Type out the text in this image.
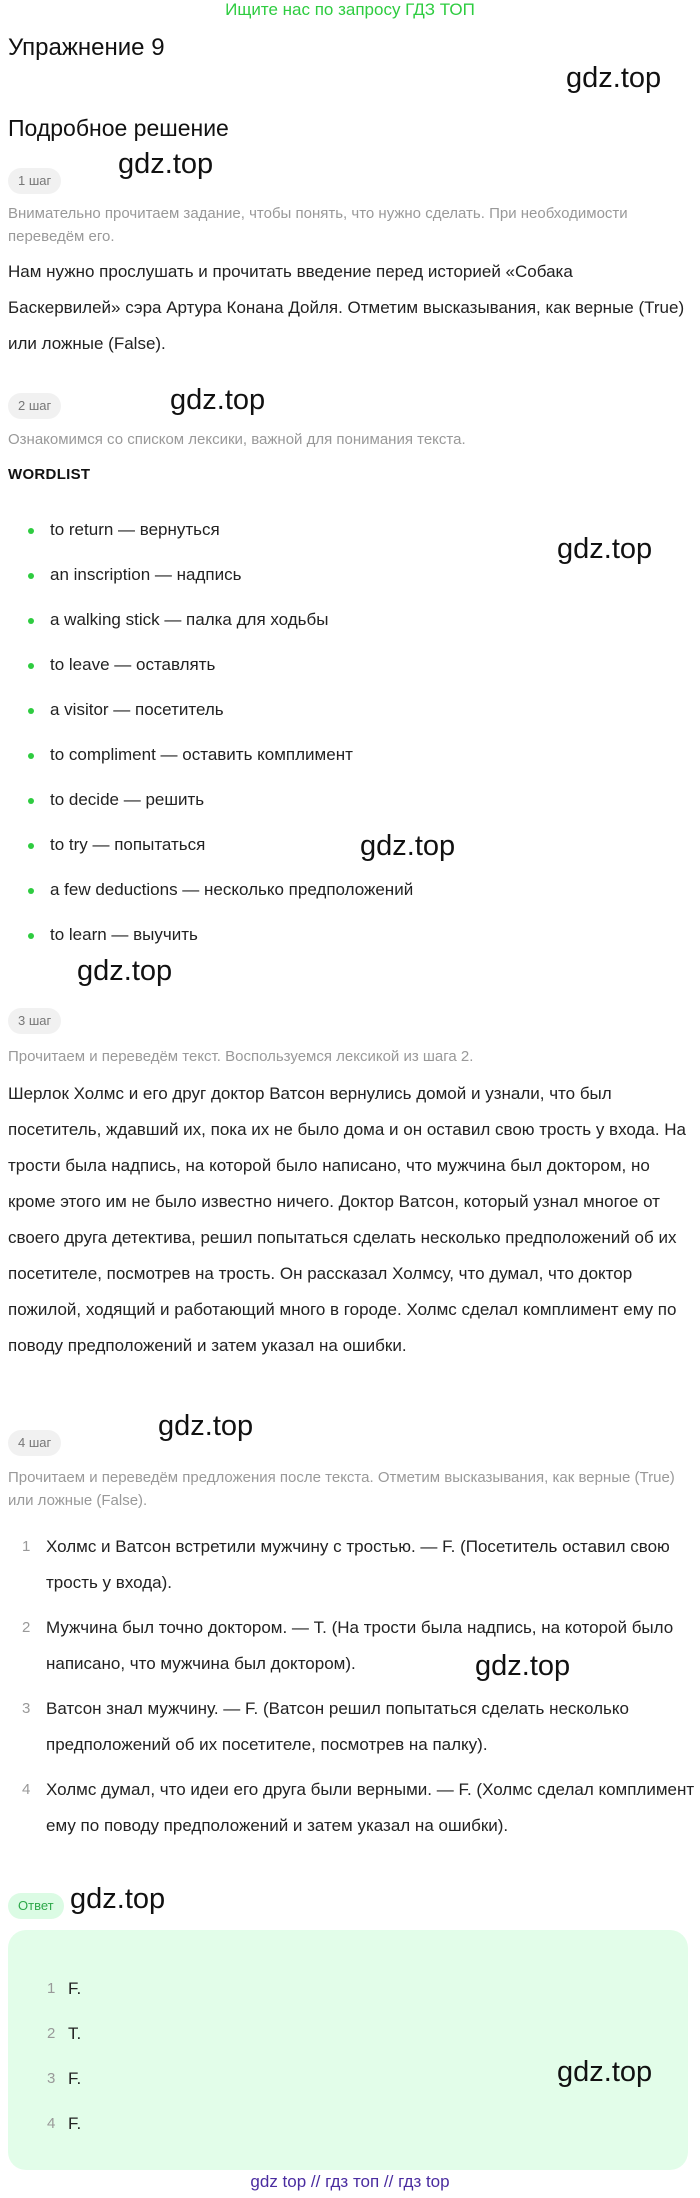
Ищите нас по запросу ГДЗ ТОП
Упражнение 9
gdz.top
Подробное решение
1 шаг
gdz.top
Внимательно прочитаем задание, чтобы понять, что нужно сделать. При необходимости переведём его.
Нам нужно прослушать и прочитать введение перед историей «Собака Баскервилей» сэра Артура Конана Дойля. Отметим высказывания, как верные (True) или ложные (False).
gdz.top
2 шаг
Ознакомимся со списком лексики, важной для понимания текста.
WORDLIST
to return — вернуться
an inscription — надпись
a walking stick — палка для ходьбы
to leave — оставлять
a visitor — посетитель
to compliment — оставить комплимент
to decide — решить
to try — попытаться
a few deductions — несколько предположений
to learn — выучить
gdz.top
gdz.top
gdz.top
3 шаг
Прочитаем и переведём текст. Воспользуемся лексикой из шага 2.
Шерлок Холмс и его друг доктор Ватсон вернулись домой и узнали, что был посетитель, ждавший их, пока их не было дома и он оставил свою трость у входа. На трости была надпись, на которой было написано, что мужчина был доктором, но кроме этого им не было известно ничего. Доктор Ватсон, который узнал многое от своего друга детектива, решил попытаться сделать несколько предположений об их посетителе, посмотрев на трость. Он рассказал Холмсу, что думал, что доктор пожилой, ходящий и работающий много в городе. Холмс сделал комплимент ему по поводу предположений и затем указал на ошибки.
4 шаг
gdz.top
Прочитаем и переведём предложения после текста. Отметим высказывания, как верные (True) или ложные (False).
1 Холмс и Ватсон встретили мужчину с тростью. — F. (Посетитель оставил свою трость у входа).
2 Мужчина был точно доктором. — T. (На трости была надпись, на которой было написано, что мужчина был доктором).
3 Ватсон знал мужчину. — F. (Ватсон решил попытаться сделать несколько предположений об их посетителе, посмотрев на палку).
4 Холмс думал, что идеи его друга были верными. — F. (Холмс сделал комплимент ему по поводу предположений и затем указал на ошибки).
gdz.top
Ответ gdz.top
1 F.
2 T.
3 F.
4 F.
gdz.top
gdz top // гдз топ // гдз top
